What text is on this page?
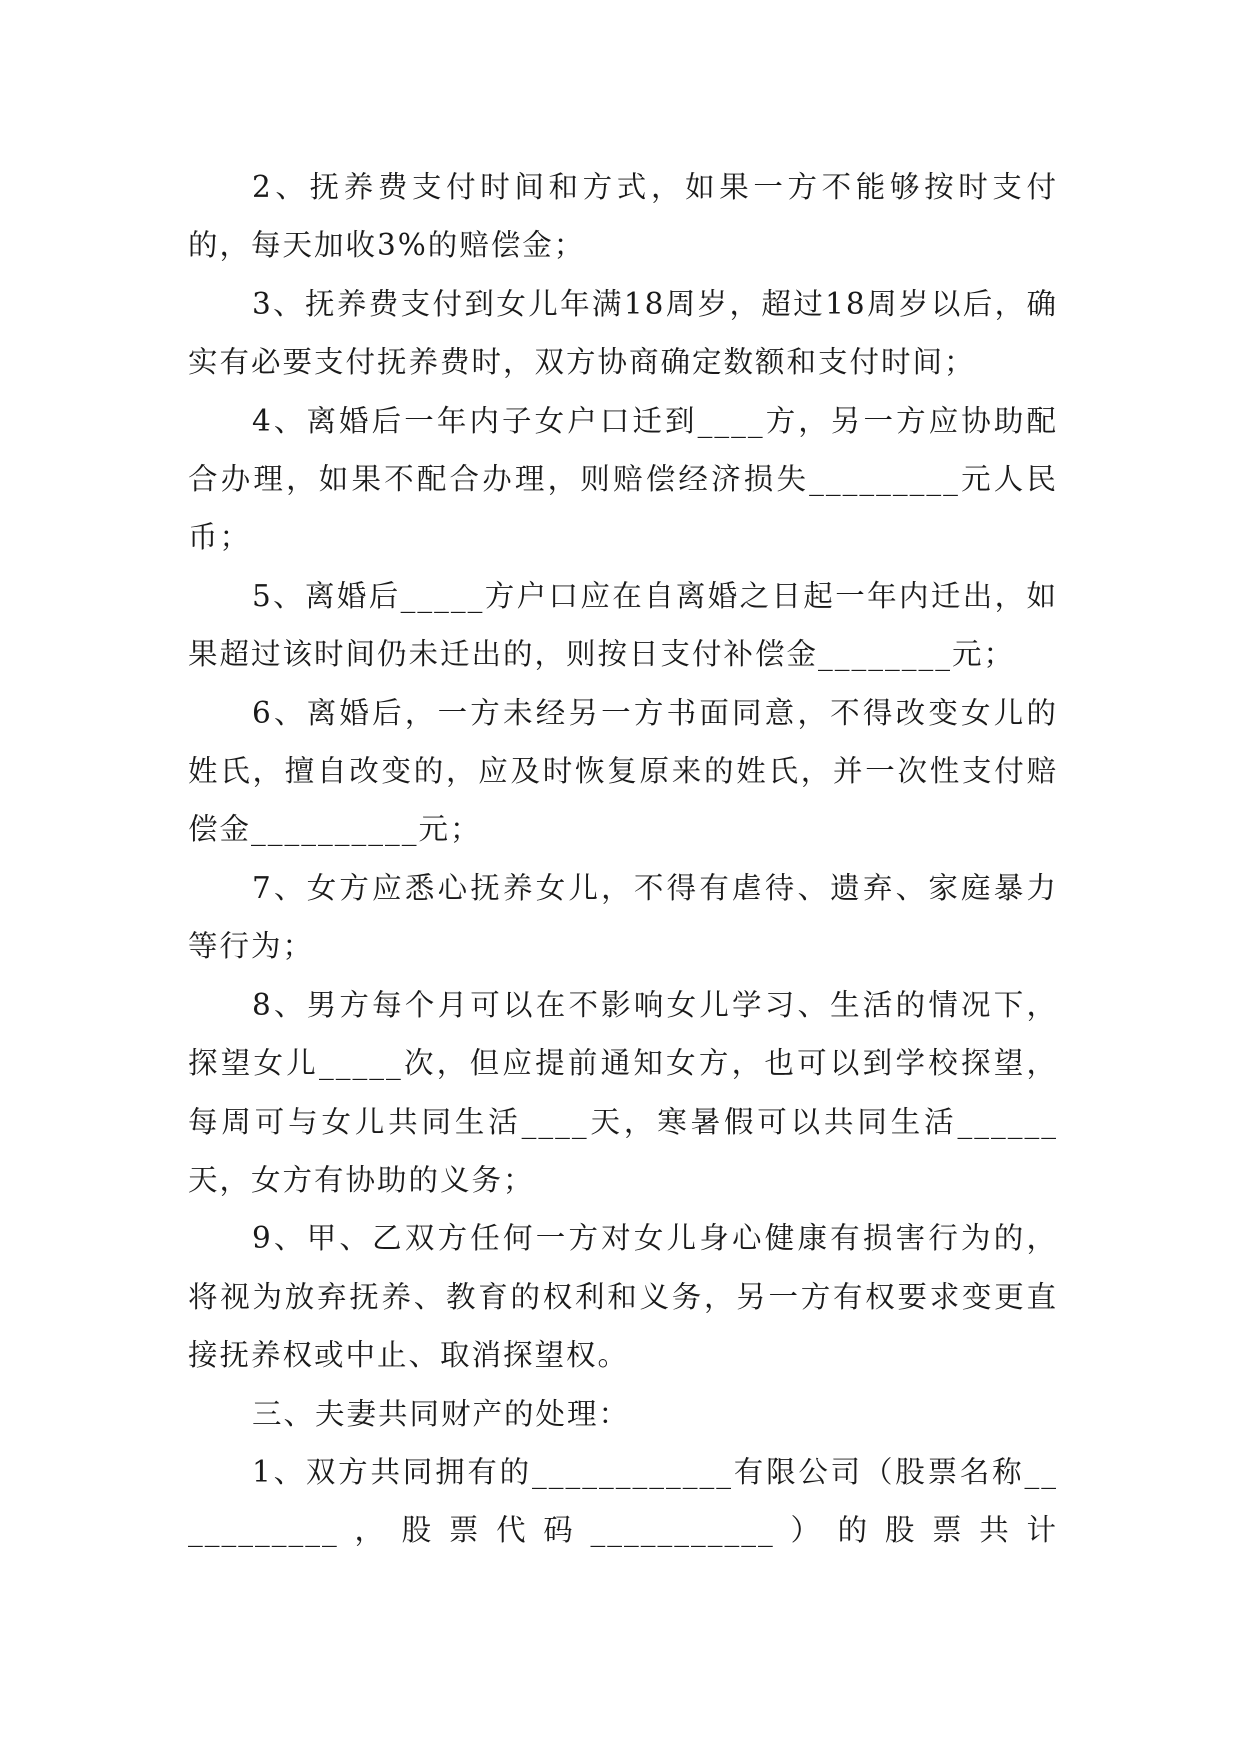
2、抚养费支付时间和方式，如果一方不能够按时支付的，每天加收3%的赔偿金；

3、抚养费支付到女儿年满18周岁，超过18周岁以后，确实有必要支付抚养费时，双方协商确定数额和支付时间；

4、离婚后一年内子女户口迁到____方，另一方应协助配合办理，如果不配合办理，则赔偿经济损失_________元人民币；

5、离婚后_____方户口应在自离婚之日起一年内迁出，如果超过该时间仍未迁出的，则按日支付补偿金________元；

6、离婚后，一方未经另一方书面同意，不得改变女儿的姓氏，擅自改变的，应及时恢复原来的姓氏，并一次性支付赔偿金__________元；

7、女方应悉心抚养女儿，不得有虐待、遗弃、家庭暴力等行为；

8、男方每个月可以在不影响女儿学习、生活的情况下，探望女儿_____次，但应提前通知女方，也可以到学校探望，每周可与女儿共同生活____天，寒暑假可以共同生活______天，女方有协助的义务；

9、甲、乙双方任何一方对女儿身心健康有损害行为的，将视为放弃抚养、教育的权利和义务，另一方有权要求变更直接抚养权或中止、取消探望权。

三、夫妻共同财产的处理：

1、双方共同拥有的____________有限公司（股票名称___________，股票代码___________）的股票共计
